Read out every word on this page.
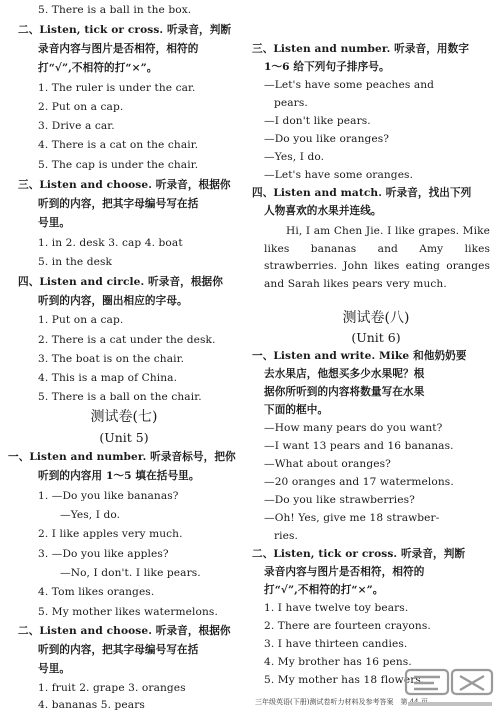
5. There is a ball in the box.
二、Listen, tick or cross. 听录音，判断
录音内容与图片是否相符，相符的
打“√”,不相符的打“×”。
1. The ruler is under the car.
2. Put on a cap.
3. Drive a car.
4. There is a cat on the chair.
5. The cap is under the chair.
三、Listen and choose. 听录音，根据你
听到的内容，把其字母编号写在括
号里。
1. in 2. desk 3. cap 4. boat
5. in the desk
四、Listen and circle. 听录音，根据你
听到的内容，圈出相应的字母。
1. Put on a cap.
2. There is a cat under the desk.
3. The boat is on the chair.
4. This is a map of China.
5. There is a ball on the chair.
测试卷(七)
(Unit 5)
一、Listen and number. 听录音标号，把你
听到的内容用 1～5 填在括号里。
1. —Do you like bananas?
—Yes, I do.
2. I like apples very much.
3. —Do you like apples?
—No, I don't. I like pears.
4. Tom likes oranges.
5. My mother likes watermelons.
二、Listen and choose. 听录音，根据你
听到的内容，把其字母编号写在括
号里。
1. fruit 2. grape 3. oranges
4. bananas 5. pears
三、Listen and number. 听录音，用数字
1～6 给下列句子排序号。
—Let's have some peaches and
pears.
—I don't like pears.
—Do you like oranges?
—Yes, I do.
—Let's have some oranges.
四、Listen and match. 听录音，找出下列
人物喜欢的水果并连线。
Hi, I am Chen Jie. I like grapes. Mike likes bananas and Amy likes strawberries. John likes eating oranges and Sarah likes pears very much.
测试卷(八)
(Unit 6)
一、Listen and write. Mike 和他奶奶要
去水果店，他想买多少水果呢？根
据你所听到的内容将数量写在水果
下面的框中。
—How many pears do you want?
—I want 13 pears and 16 bananas.
—What about oranges?
—20 oranges and 17 watermelons.
—Do you like strawberries?
—Oh! Yes, give me 18 strawber-
ries.
二、Listen, tick or cross. 听录音，判断
录音内容与图片是否相符，相符的
打“√”,不相符的打“×”。
1. I have twelve toy bears.
2. There are fourteen crayons.
3. I have thirteen candies.
4. My brother has 16 pens.
5. My mother has 18 flowers.
三年级英语(下册)测试卷听力材料及参考答案　第 44 页
